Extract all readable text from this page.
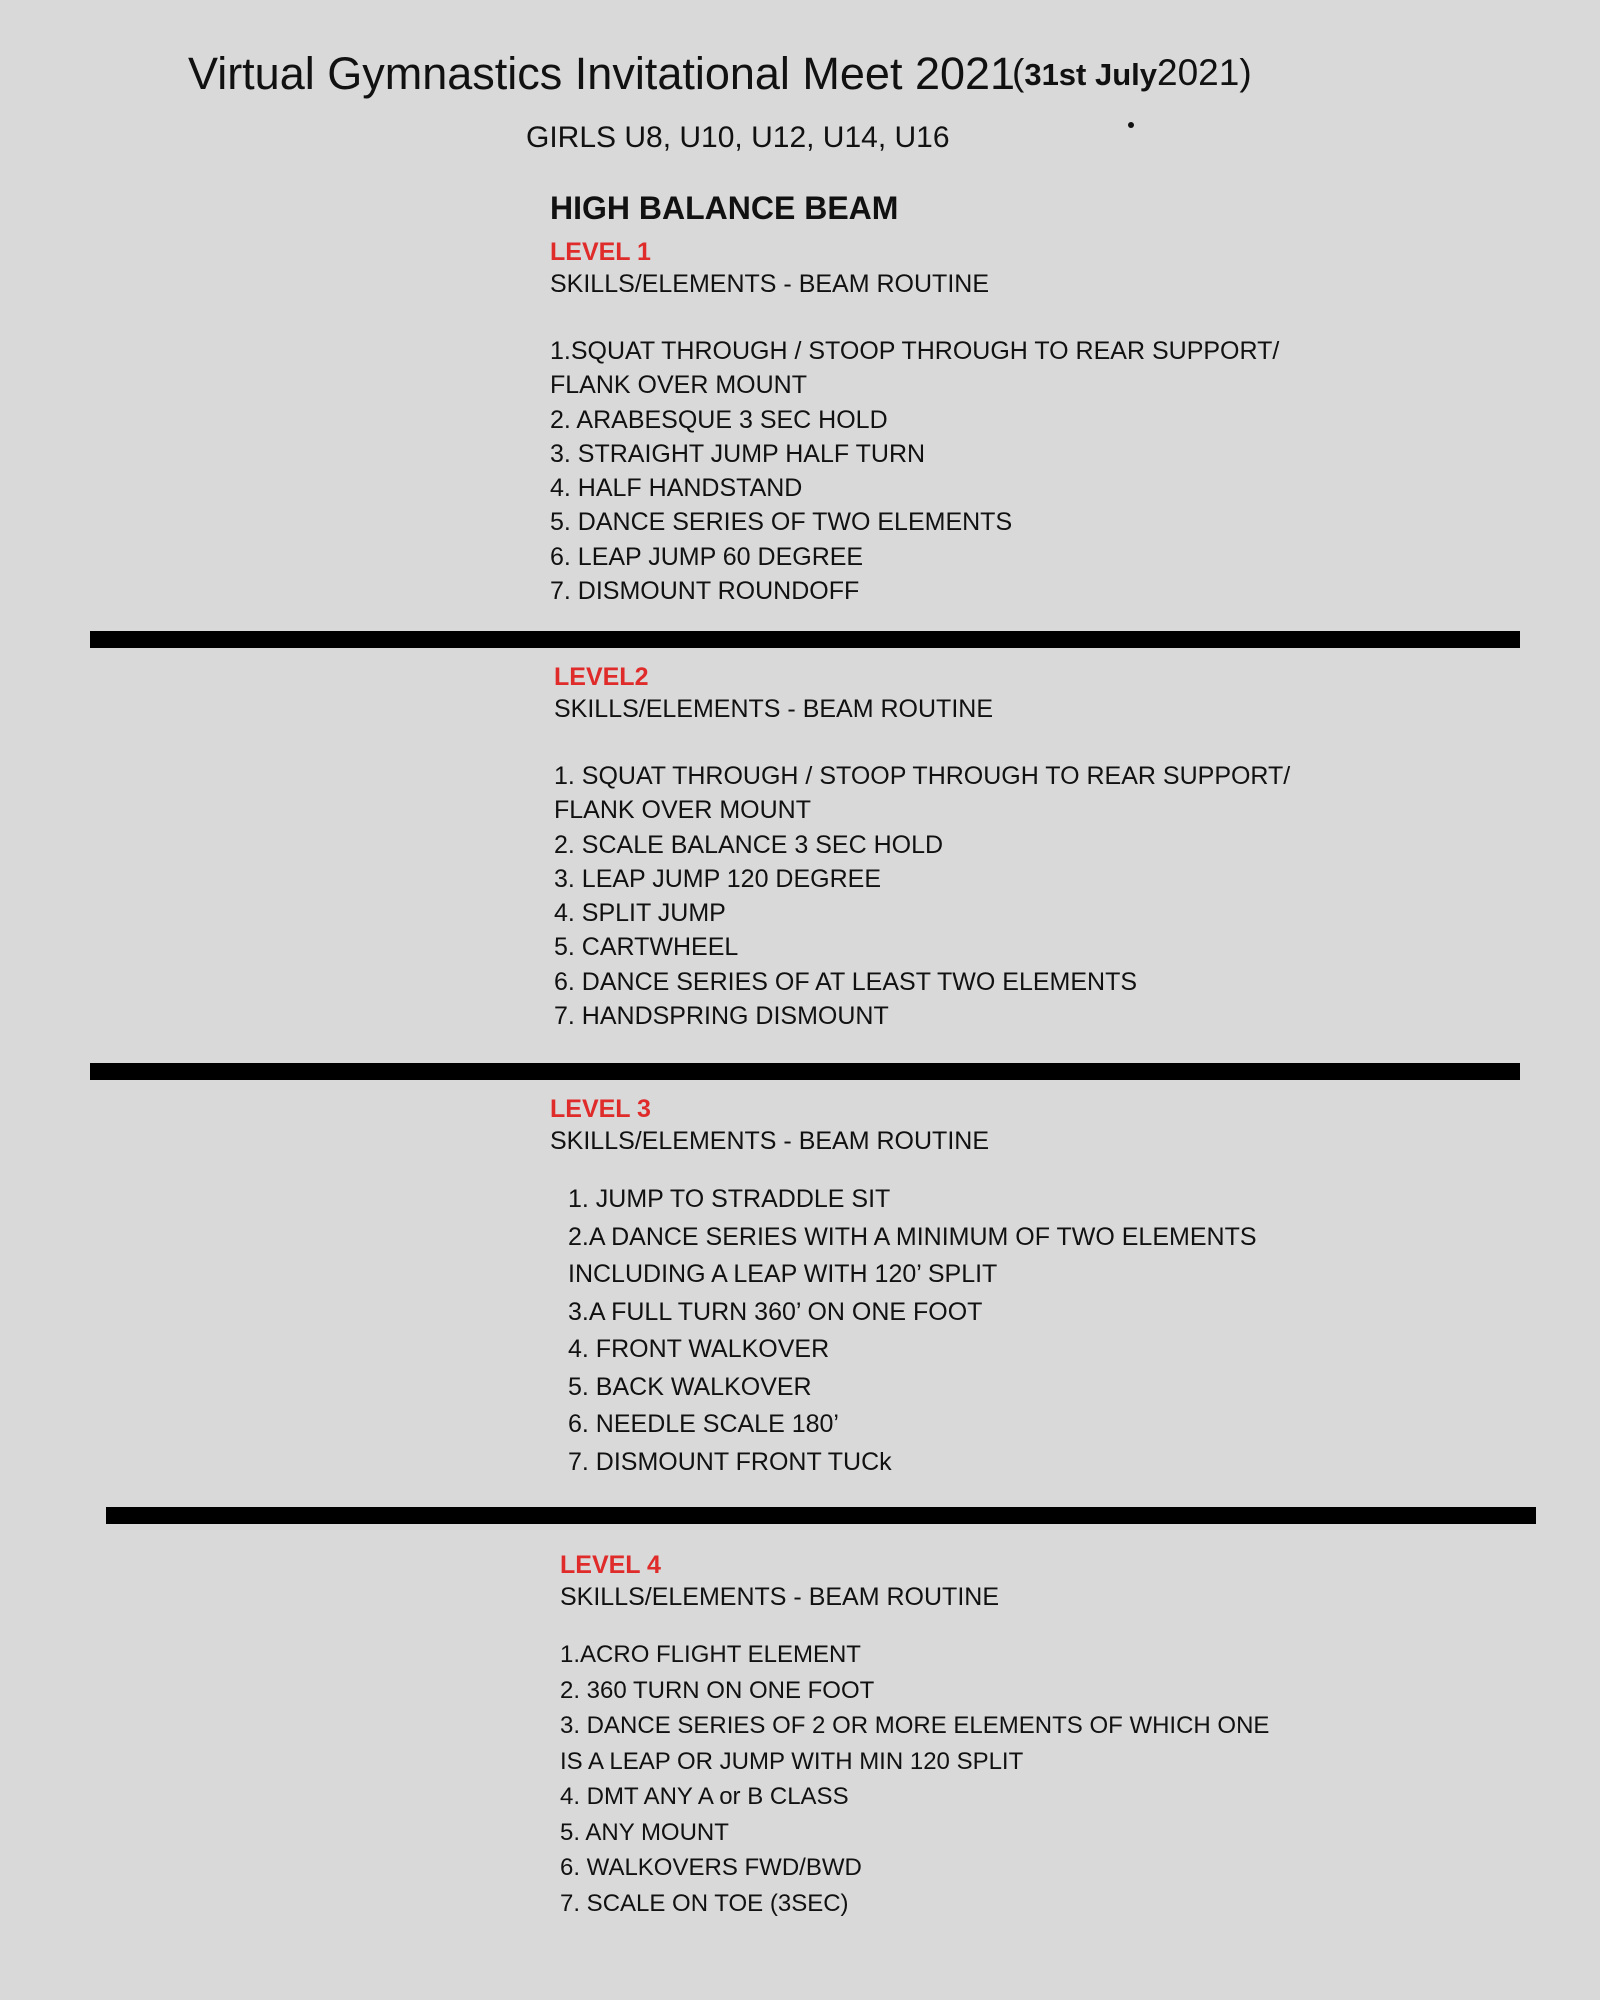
Virtual Gymnastics Invitational Meet 2021
(31st July2021)
GIRLS U8, U10, U12, U14, U16
HIGH BALANCE BEAM
LEVEL 1
SKILLS/ELEMENTS - BEAM ROUTINE
1.SQUAT THROUGH / STOOP THROUGH TO REAR SUPPORT/
FLANK OVER MOUNT
2. ARABESQUE 3 SEC HOLD
3. STRAIGHT JUMP HALF TURN
4. HALF HANDSTAND
5. DANCE SERIES OF TWO ELEMENTS
6. LEAP JUMP 60 DEGREE
7. DISMOUNT ROUNDOFF
LEVEL2
SKILLS/ELEMENTS - BEAM ROUTINE
1. SQUAT THROUGH / STOOP THROUGH TO REAR SUPPORT/
FLANK OVER MOUNT
2. SCALE BALANCE 3 SEC HOLD
3. LEAP JUMP 120 DEGREE
4. SPLIT JUMP
5. CARTWHEEL
6. DANCE SERIES OF AT LEAST TWO ELEMENTS
7. HANDSPRING DISMOUNT
LEVEL 3
SKILLS/ELEMENTS - BEAM ROUTINE
1. JUMP TO STRADDLE SIT
2.A DANCE SERIES WITH A MINIMUM OF TWO ELEMENTS
INCLUDING A LEAP WITH 120’ SPLIT
3.A FULL TURN 360’ ON ONE FOOT
4. FRONT WALKOVER
5. BACK WALKOVER
6. NEEDLE SCALE 180’
7. DISMOUNT FRONT TUCk
LEVEL 4
SKILLS/ELEMENTS - BEAM ROUTINE
1.ACRO FLIGHT ELEMENT
2. 360 TURN ON ONE FOOT
3. DANCE SERIES OF 2 OR MORE ELEMENTS OF WHICH ONE
IS A LEAP OR JUMP WITH MIN 120 SPLIT
4. DMT ANY A or B CLASS
5. ANY MOUNT
6. WALKOVERS FWD/BWD
7. SCALE ON TOE (3SEC)
